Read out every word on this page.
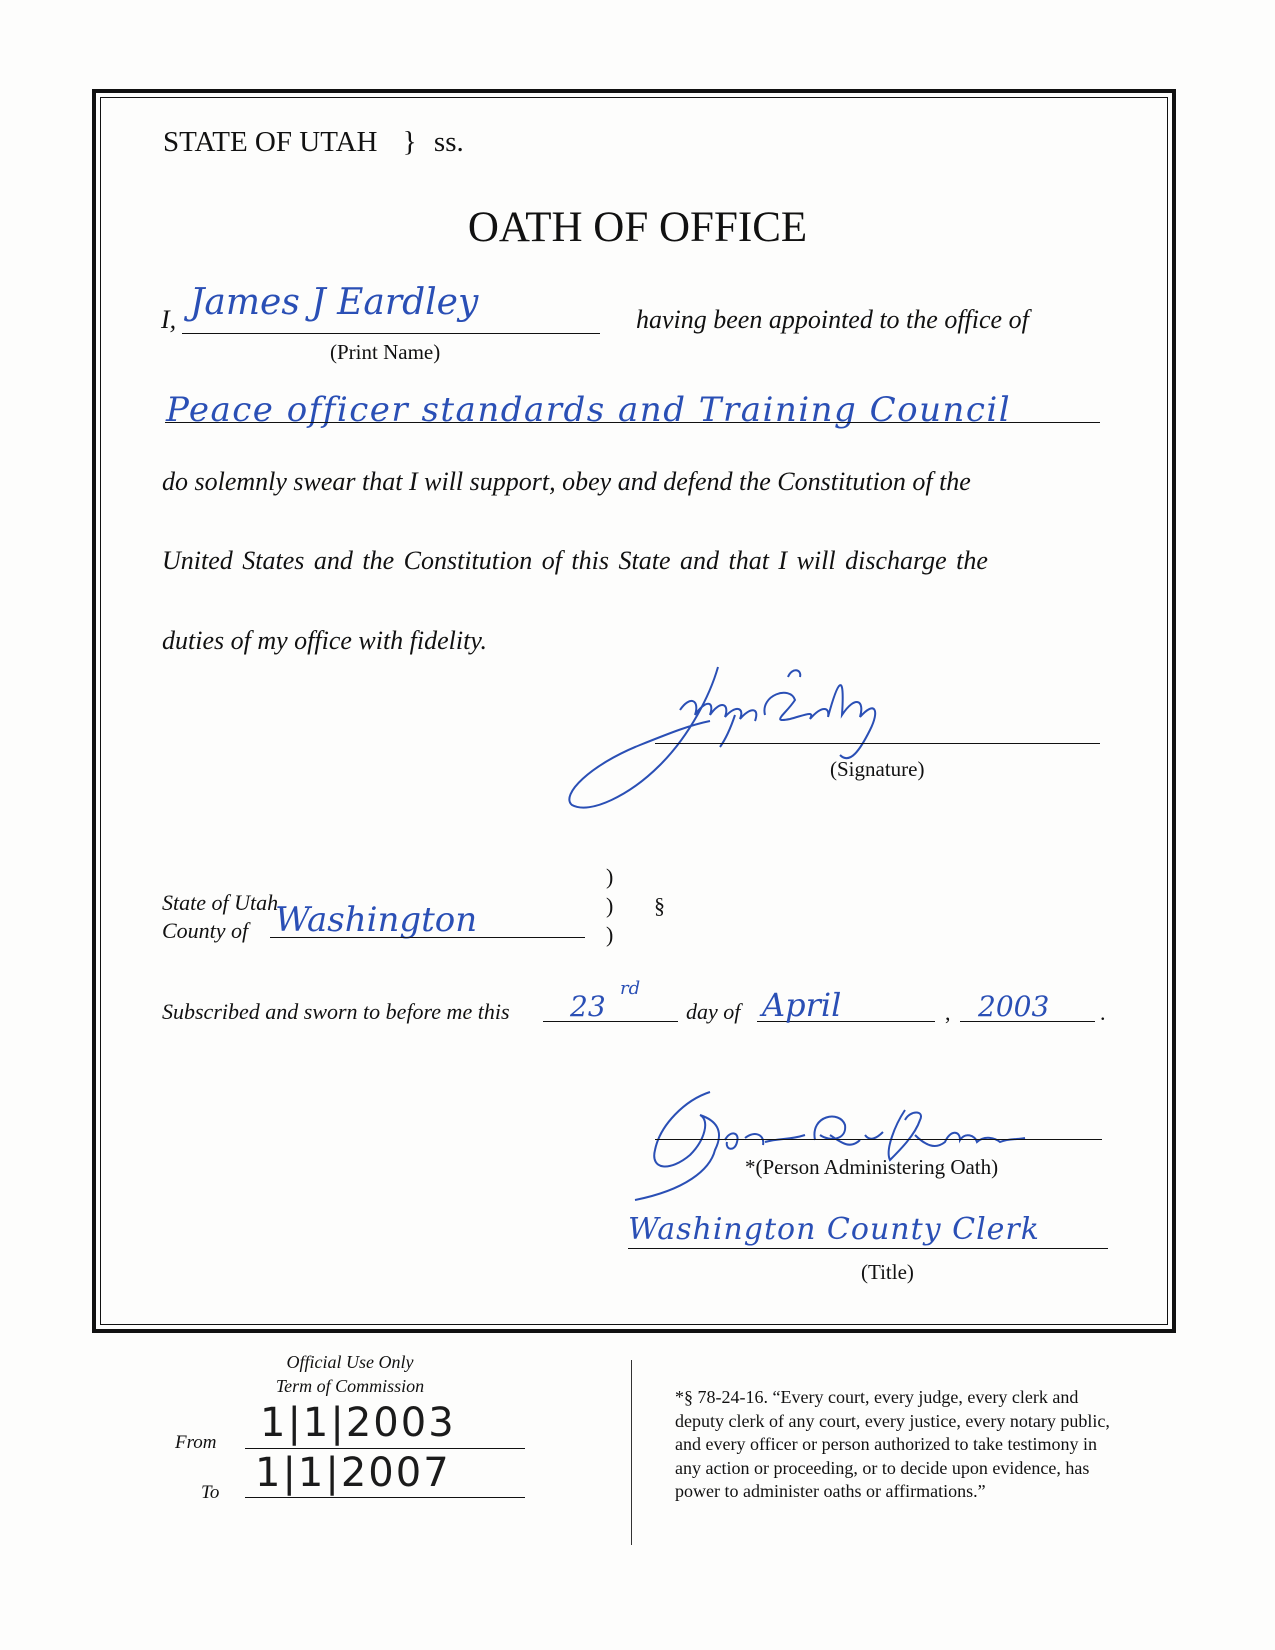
STATE OF UTAH } ss.
OATH OF OFFICE
I, James J Eardley
(Print Name)
having been appointed to the office of
Peace officer standards and Training Council
do solemnly swear that I will support, obey and defend the Constitution of the
United States and the Constitution of this State and that I will discharge the
duties of my office with fidelity.
(Signature)
State of Utah
County of Washington
)
)
)
§
Subscribed and sworn to before me this 23
rd
day of April	, 2003 .
*(Person Administering Oath)
Washington County Clerk
(Title)
Official Use Only
Term of Commission
From 1|1|2003
To 1|1|2007
*§ 78-24-16. “Every court, every judge, every clerk and
deputy clerk of any court, every justice, every notary public,
and every officer or person authorized to take testimony in
any action or proceeding, or to decide upon evidence, has
power to administer oaths or affirmations.”
